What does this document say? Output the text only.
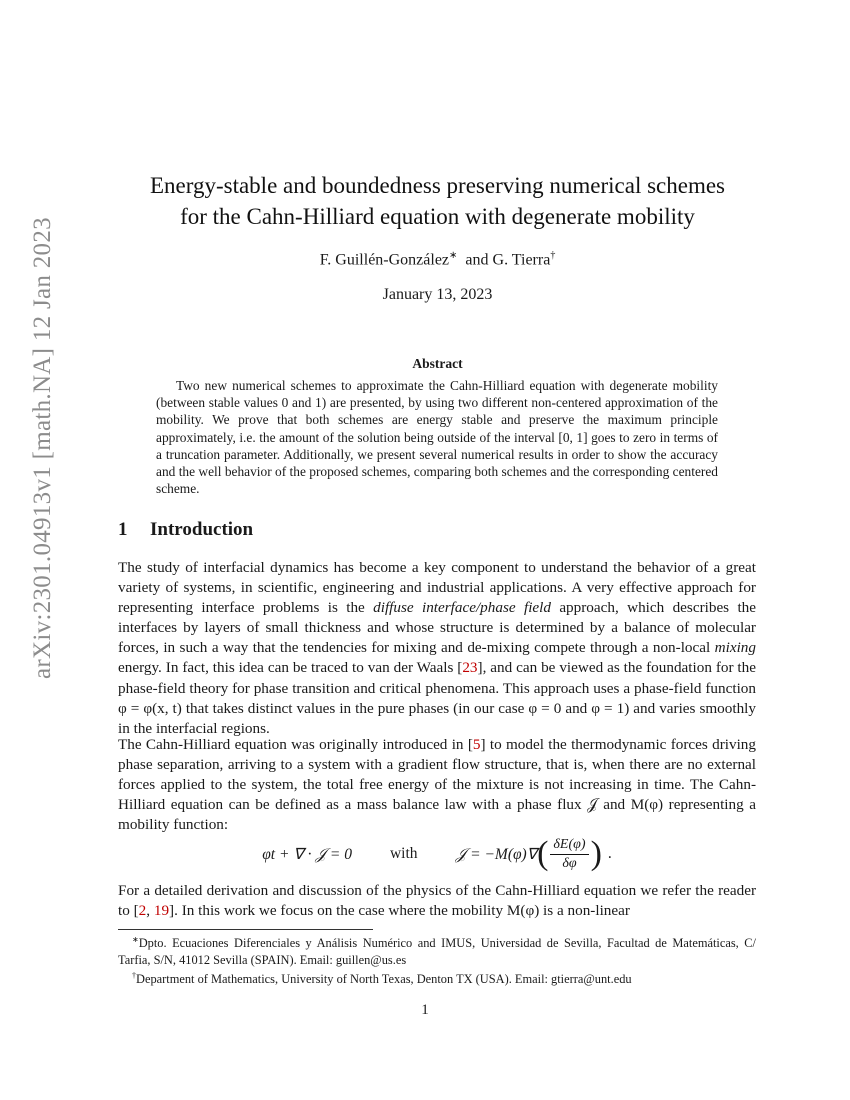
arXiv:2301.04913v1 [math.NA] 12 Jan 2023
Energy-stable and boundedness preserving numerical schemes
for the Cahn-Hilliard equation with degenerate mobility
F. Guillén-González∗ and G. Tierra†
January 13, 2023
Abstract
Two new numerical schemes to approximate the Cahn-Hilliard equation with degenerate mobility (between stable values 0 and 1) are presented, by using two different non-centered approximation of the mobility. We prove that both schemes are energy stable and preserve the maximum principle approximately, i.e. the amount of the solution being outside of the interval [0, 1] goes to zero in terms of a truncation parameter. Additionally, we present several numerical results in order to show the accuracy and the well behavior of the proposed schemes, comparing both schemes and the corresponding centered scheme.
1 Introduction
The study of interfacial dynamics has become a key component to understand the behavior of a great variety of systems, in scientific, engineering and industrial applications. A very effective approach for representing interface problems is the diffuse interface/phase field approach, which describes the interfaces by layers of small thickness and whose structure is determined by a balance of molecular forces, in such a way that the tendencies for mixing and de-mixing compete through a non-local mixing energy. In fact, this idea can be traced to van der Waals [23], and can be viewed as the foundation for the phase-field theory for phase transition and critical phenomena. This approach uses a phase-field function φ = φ(x, t) that takes distinct values in the pure phases (in our case φ = 0 and φ = 1) and varies smoothly in the interfacial regions.
The Cahn-Hilliard equation was originally introduced in [5] to model the thermodynamic forces driving phase separation, arriving to a system with a gradient flow structure, that is, when there are no external forces applied to the system, the total free energy of the mixture is not increasing in time. The Cahn-Hilliard equation can be defined as a mass balance law with a phase flux 𝒥 and M(φ) representing a mobility function:
φt + ∇ · 𝒥 = 0 with 𝒥 = −M(φ)∇ ( $\frac{\delta E(\varphi)}{\delta\varphi}$ ) .
For a detailed derivation and discussion of the physics of the Cahn-Hilliard equation we refer the reader to [2, 19]. In this work we focus on the case where the mobility M(φ) is a non-linear

∗Dpto. Ecuaciones Diferenciales y Análisis Numérico and IMUS, Universidad de Sevilla, Facultad de Matemáticas, C/ Tarfia, S/N, 41012 Sevilla (SPAIN). Email: guillen@us.es

†Department of Mathematics, University of North Texas, Denton TX (USA). Email: gtierra@unt.edu

1
